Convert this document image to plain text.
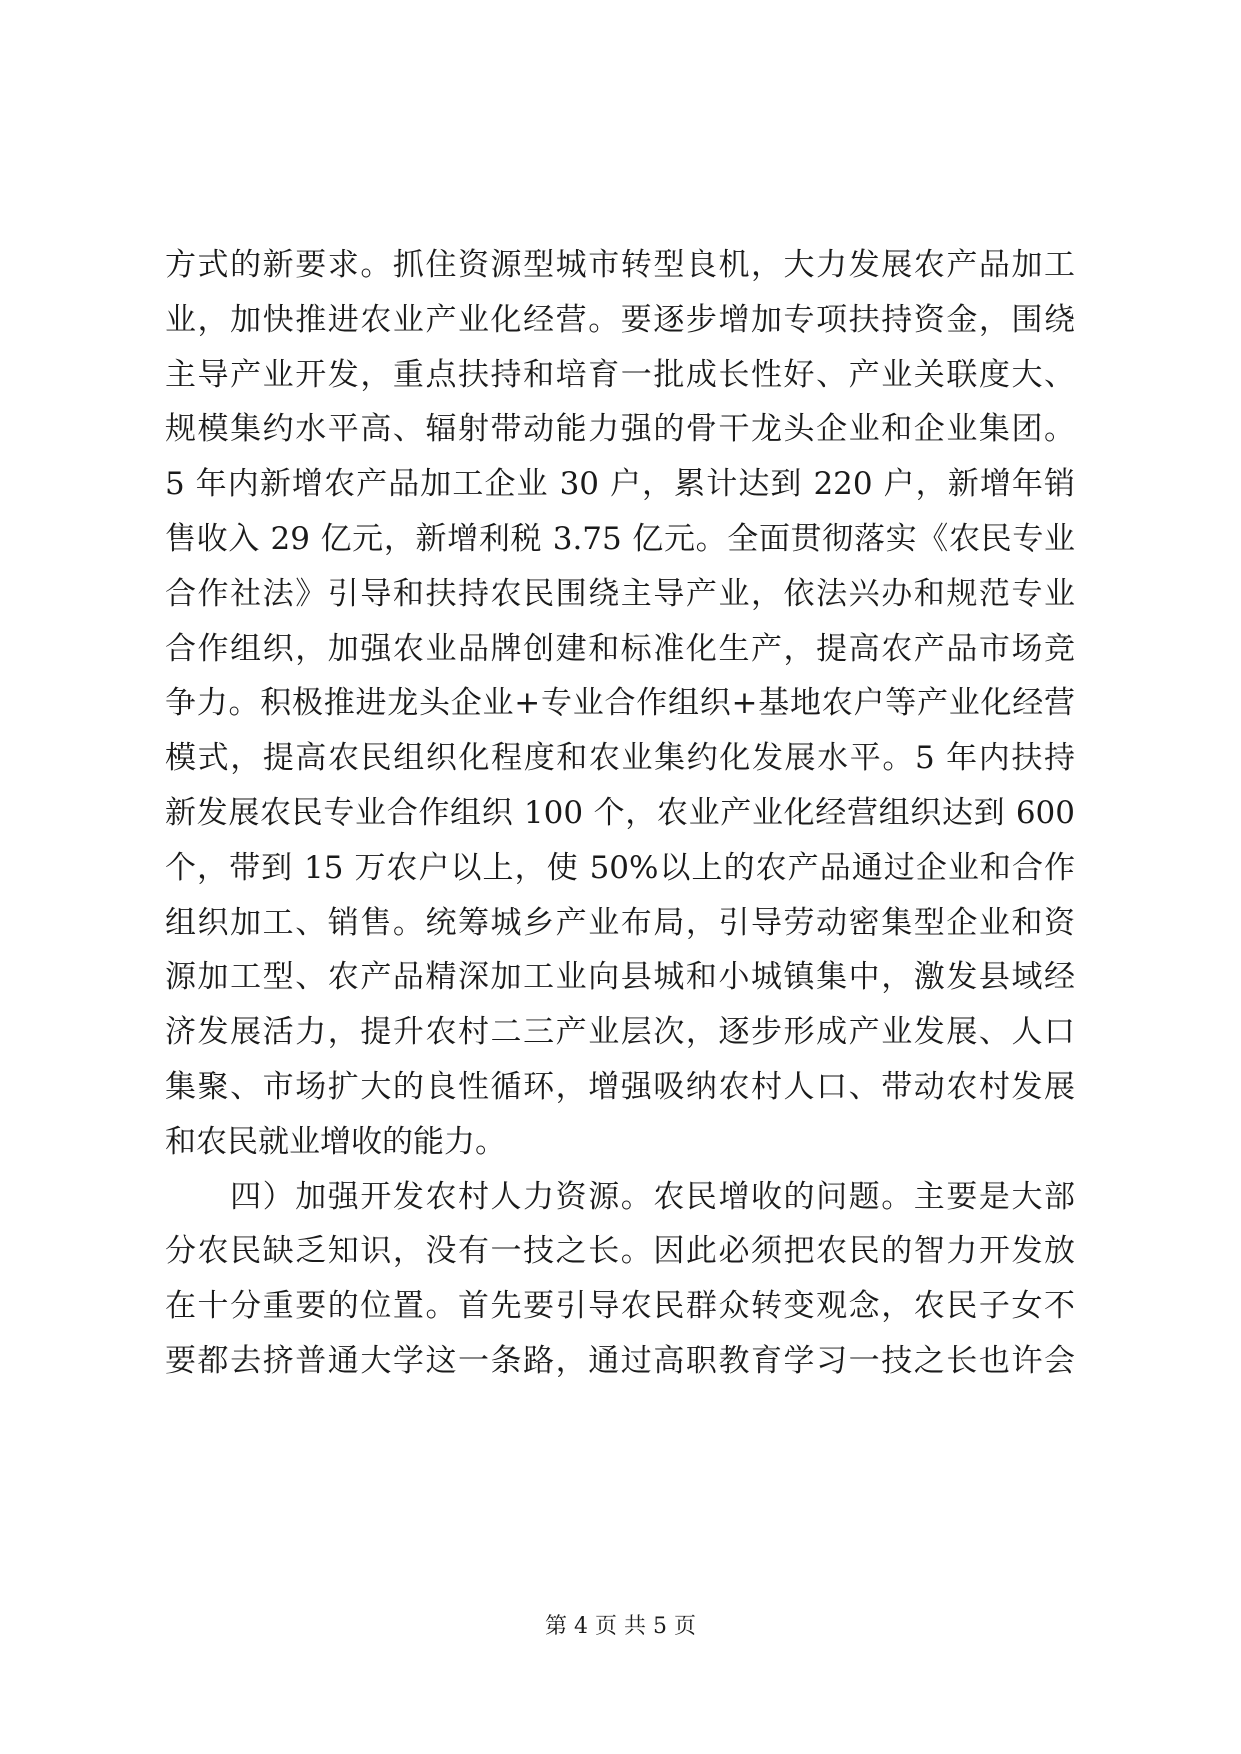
方式的新要求。抓住资源型城市转型良机，大力发展农产品加工
业，加快推进农业产业化经营。要逐步增加专项扶持资金，围绕
主导产业开发，重点扶持和培育一批成长性好、产业关联度大、
规模集约水平高、辐射带动能力强的骨干龙头企业和企业集团。
5 年内新增农产品加工企业 30 户，累计达到 220 户，新增年销
售收入 29 亿元，新增利税 3.75 亿元。全面贯彻落实《农民专业
合作社法》引导和扶持农民围绕主导产业，依法兴办和规范专业
合作组织，加强农业品牌创建和标准化生产，提高农产品市场竞
争力。积极推进龙头企业+专业合作组织+基地农户等产业化经营
模式，提高农民组织化程度和农业集约化发展水平。5 年内扶持
新发展农民专业合作组织 100 个，农业产业化经营组织达到 600
个，带到 15 万农户以上，使 50%以上的农产品通过企业和合作
组织加工、销售。统筹城乡产业布局，引导劳动密集型企业和资
源加工型、农产品精深加工业向县城和小城镇集中，激发县域经
济发展活力，提升农村二三产业层次，逐步形成产业发展、人口
集聚、市场扩大的良性循环，增强吸纳农村人口、带动农村发展
和农民就业增收的能力。
　　四）加强开发农村人力资源。农民增收的问题。主要是大部
分农民缺乏知识，没有一技之长。因此必须把农民的智力开发放
在十分重要的位置。首先要引导农民群众转变观念，农民子女不
要都去挤普通大学这一条路，通过高职教育学习一技之长也许会
第 4 页 共 5 页
